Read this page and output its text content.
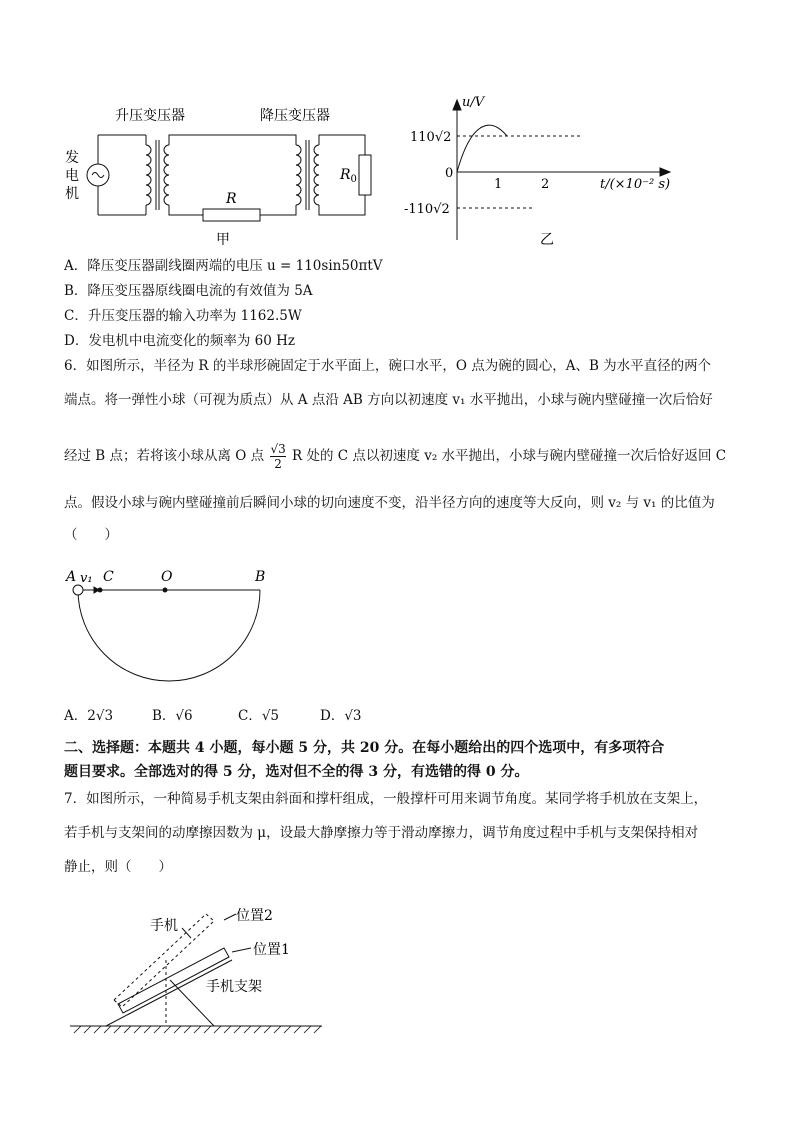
升压变压器	降压变压器
发
电
机	R
$R_0$
甲
u/V
110√2
0
1	2
-110√2
t/(×10⁻² s)
乙
A．降压变压器副线圈两端的电压 u = 110sin50πtV
B．降压变压器原线圈电流的有效值为 5A
C．升压变压器的输入功率为 1162.5W
D．发电机中电流变化的频率为 60 Hz
6．如图所示，半径为 R 的半球形碗固定于水平面上，碗口水平，O 点为碗的圆心，A、B 为水平直径的两个
端点。将一弹性小球（可视为质点）从 A 点沿 AB 方向以初速度 v₁ 水平抛出，小球与碗内壁碰撞一次后恰好
经过 B 点；若将该小球从离 O 点 $\frac{√3}{2}$ R 处的 C 点以初速度 v₂ 水平抛出，小球与碗内壁碰撞一次后恰好返回 C
点。假设小球与碗内壁碰撞前后瞬间小球的切向速度不变，沿半径方向的速度等大反向，则 v₂ 与 v₁ 的比值为
（　　）
A v₁ C	O	B
A．2√3	B．√6	C．√5	D．√3
二、选择题：本题共 4 小题，每小题 5 分，共 20 分。在每小题给出的四个选项中，有多项符合
题目要求。全部选对的得 5 分，选对但不全的得 3 分，有选错的得 0 分。
7．如图所示，一种简易手机支架由斜面和撑杆组成，一般撑杆可用来调节角度。某同学将手机放在支架上，
若手机与支架间的动摩擦因数为 μ，设最大静摩擦力等于滑动摩擦力，调节角度过程中手机与支架保持相对
静止，则（　　）
手机
位置2
位置1
手机支架
